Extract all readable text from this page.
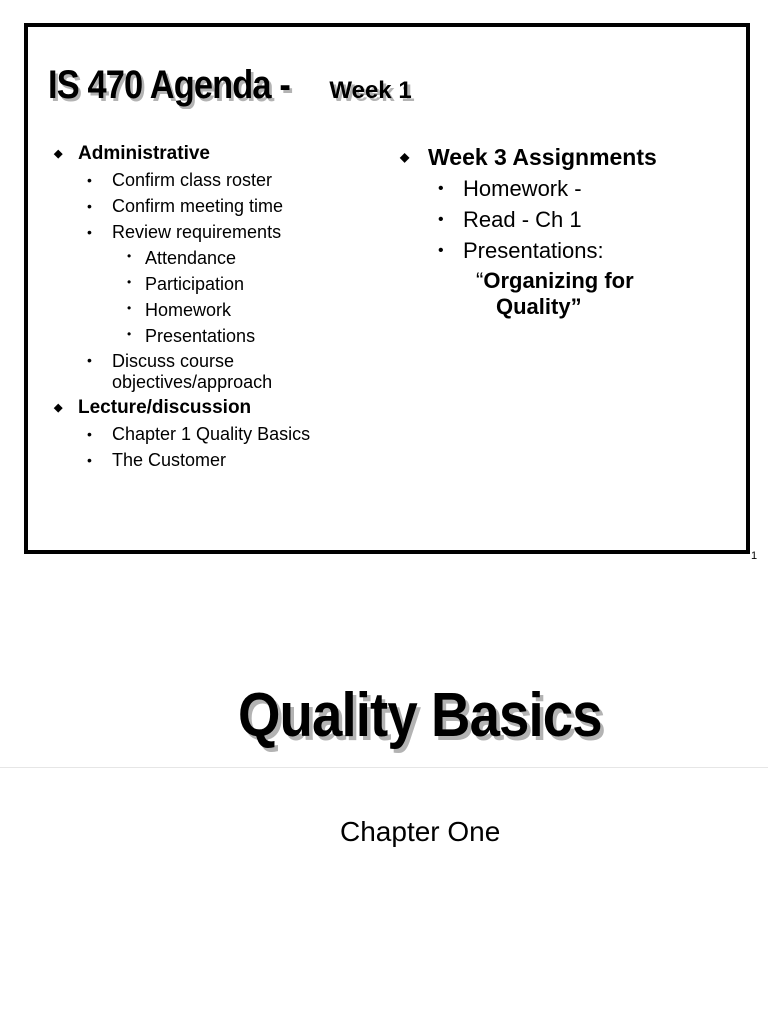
IS 470 Agenda -Week 1
◆ Administrative
• Confirm class roster
• Confirm meeting time
• Review requirements
• Attendance
• Participation
• Homework
• Presentations
• Discuss course
objectives/approach
◆ Lecture/discussion
• Chapter 1 Quality Basics
• The Customer
◆ Week 3 Assignments
• Homework -
• Read - Ch 1
• Presentations:
“Organizing for
Quality”
1
Quality Basics
Chapter One
